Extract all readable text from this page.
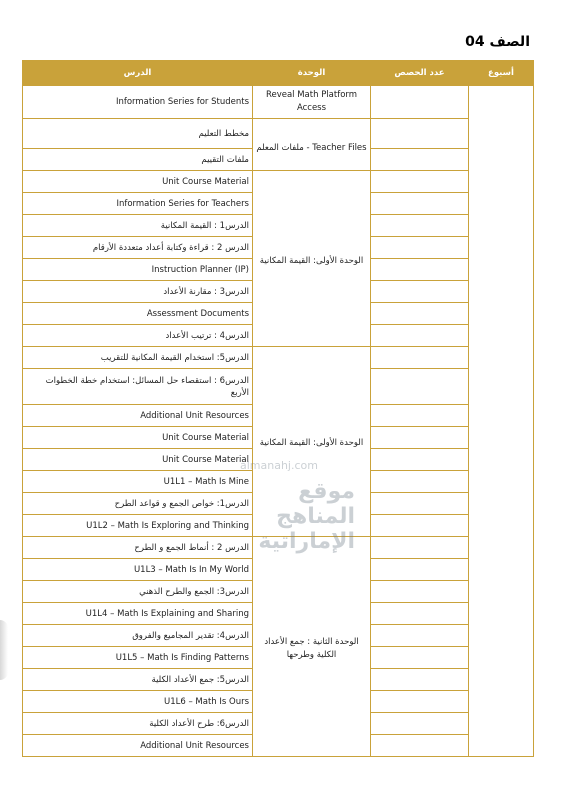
الصف 04
الدرس	الوحدة	عدد الحصص	أسبوع
Information Series for Students	Reveal Math Platform Access		
مخطط التعليم	Teacher Files - ملفات المعلم		
ملفات التقييم			
Unit Course Material	الوحدة الأولى: القيمة المكانية		
Information Series for Teachers			
الدرس1 : القيمة المكانية			
الدرس 2 : قراءة وكتابة أعداد متعددة الأرقام			
Instruction Planner (IP)			
الدرس3 : مقارنة الأعداد			
Assessment Documents			
الدرس4 : ترتيب الأعداد			
الدرس5: استخدام القيمة المكانية للتقريب	الوحدة الأولى: القيمة المكانية		
الدرس6 : استقصاء حل المسائل: استخدام خطة الخطوات الأربع			
Additional Unit Resources			
Unit Course Material			
Unit Course Material			
U1L1 – Math Is Mine			
الدرس1: خواص الجمع و قواعد الطرح			
U1L2 – Math Is Exploring and Thinking			
الدرس 2 : أنماط الجمع و الطرح	الوحدة الثانية : جمع الأعداد الكلية وطرحها		
U1L3 – Math Is In My World			
الدرس3: الجمع والطرح الذهني			
U1L4 – Math Is Explaining and Sharing			
الدرس4: تقدير المجاميع والفروق			
U1L5 – Math Is Finding Patterns			
الدرس5: جمع الأعداد الكلية			
U1L6 – Math Is Ours			
الدرس6: طرح الأعداد الكلية			
Additional Unit Resources			
almanahj.com
موقع المناهج الإماراتية
